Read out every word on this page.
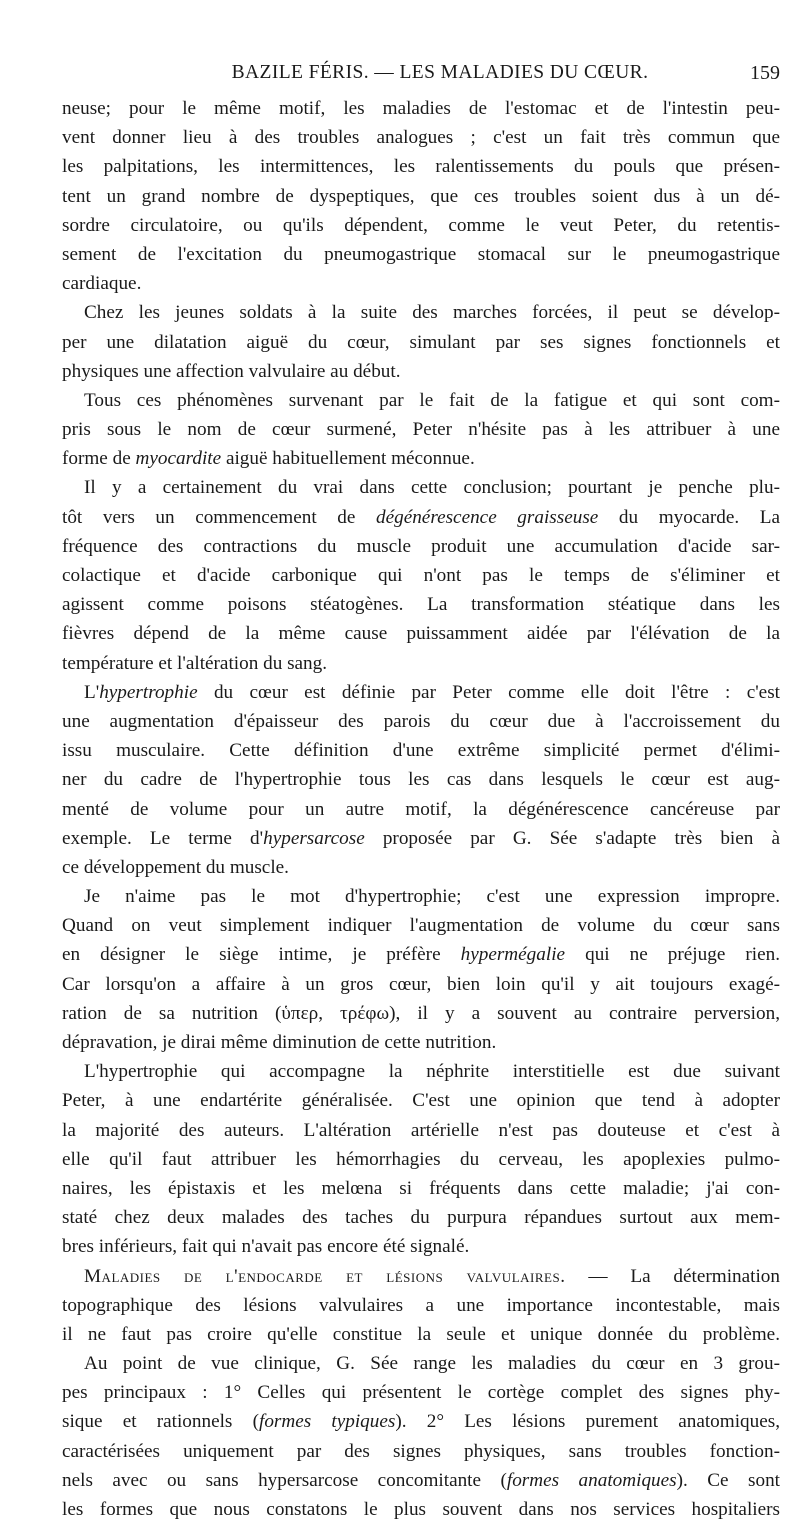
BAZILE FÉRIS. — LES MALADIES DU CŒUR.	159
neuse; pour le même motif, les maladies de l'estomac et de l'intestin peu-
vent donner lieu à des troubles analogues ; c'est un fait très commun que
les palpitations, les intermittences, les ralentissements du pouls que présen-
tent un grand nombre de dyspeptiques, que ces troubles soient dus à un dé-
sordre circulatoire, ou qu'ils dépendent, comme le veut Peter, du retentis-
sement de l'excitation du pneumogastrique stomacal sur le pneumogastrique
cardiaque.
Chez les jeunes soldats à la suite des marches forcées, il peut se dévelop-
per une dilatation aiguë du cœur, simulant par ses signes fonctionnels et
physiques une affection valvulaire au début.
Tous ces phénomènes survenant par le fait de la fatigue et qui sont com-
pris sous le nom de cœur surmené, Peter n'hésite pas à les attribuer à une
forme de myocardite aiguë habituellement méconnue.
Il y a certainement du vrai dans cette conclusion; pourtant je penche plu-
tôt vers un commencement de dégénérescence graisseuse du myocarde. La
fréquence des contractions du muscle produit une accumulation d'acide sar-
colactique et d'acide carbonique qui n'ont pas le temps de s'éliminer et
agissent comme poisons stéatogènes. La transformation stéatique dans les
fièvres dépend de la même cause puissamment aidée par l'élévation de la
température et l'altération du sang.
L'hypertrophie du cœur est définie par Peter comme elle doit l'être : c'est
une augmentation d'épaisseur des parois du cœur due à l'accroissement du
issu musculaire. Cette définition d'une extrême simplicité permet d'élimi-
ner du cadre de l'hypertrophie tous les cas dans lesquels le cœur est aug-
menté de volume pour un autre motif, la dégénérescence cancéreuse par
exemple. Le terme d'hypersarcose proposée par G. Sée s'adapte très bien à
ce développement du muscle.
Je n'aime pas le mot d'hypertrophie; c'est une expression impropre.
Quand on veut simplement indiquer l'augmentation de volume du cœur sans
en désigner le siège intime, je préfère hypermégalie qui ne préjuge rien.
Car lorsqu'on a affaire à un gros cœur, bien loin qu'il y ait toujours exagé-
ration de sa nutrition (ὑπερ, τρέφω), il y a souvent au contraire perversion,
dépravation, je dirai même diminution de cette nutrition.
L'hypertrophie qui accompagne la néphrite interstitielle est due suivant
Peter, à une endartérite généralisée. C'est une opinion que tend à adopter
la majorité des auteurs. L'altération artérielle n'est pas douteuse et c'est à
elle qu'il faut attribuer les hémorrhagies du cerveau, les apoplexies pulmo-
naires, les épistaxis et les melœna si fréquents dans cette maladie; j'ai con-
staté chez deux malades des taches du purpura répandues surtout aux mem-
bres inférieurs, fait qui n'avait pas encore été signalé.
Maladies de l'endocarde et lésions valvulaires. — La détermination
topographique des lésions valvulaires a une importance incontestable, mais
il ne faut pas croire qu'elle constitue la seule et unique donnée du problème.
Au point de vue clinique, G. Sée range les maladies du cœur en 3 grou-
pes principaux : 1° Celles qui présentent le cortège complet des signes phy-
sique et rationnels (formes typiques). 2° Les lésions purement anatomiques,
caractérisées uniquement par des signes physiques, sans troubles fonction-
nels avec ou sans hypersarcose concomitante (formes anatomiques). Ce sont
les formes que nous constatons le plus souvent dans nos services hospitaliers
